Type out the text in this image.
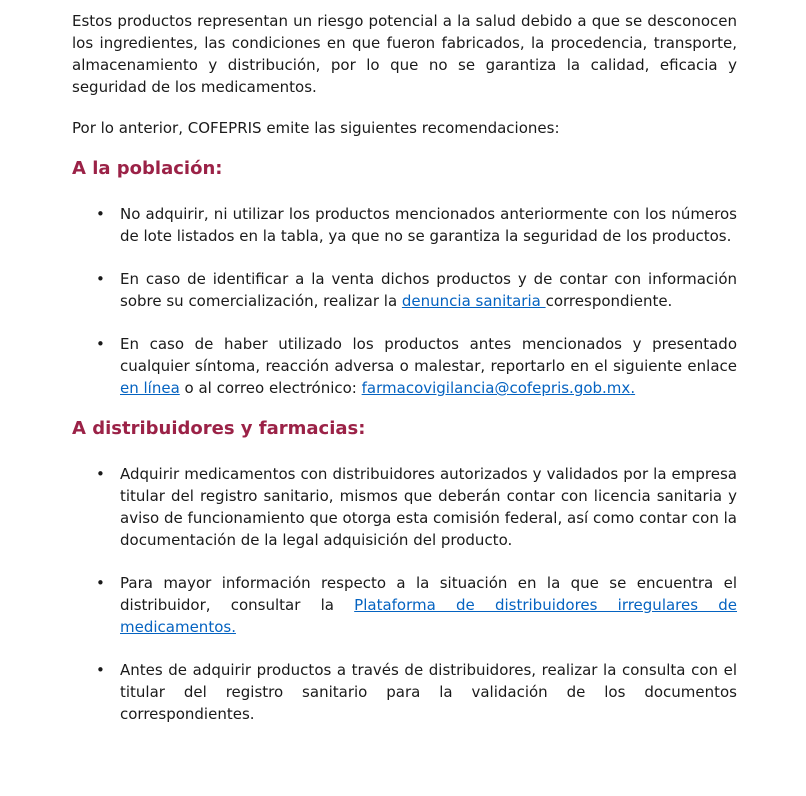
Estos productos representan un riesgo potencial a la salud debido a que se desconocen los ingredientes, las condiciones en que fueron fabricados, la procedencia, transporte, almacenamiento y distribución, por lo que no se garantiza la calidad, eficacia y seguridad de los medicamentos.

Por lo anterior, COFEPRIS emite las siguientes recomendaciones:

A la población:
• No adquirir, ni utilizar los productos mencionados anteriormente con los números de lote listados en la tabla, ya que no se garantiza la seguridad de los productos.
• En caso de identificar a la venta dichos productos y de contar con información sobre su comercialización, realizar la denuncia sanitaria correspondiente.
• En caso de haber utilizado los productos antes mencionados y presentado cualquier síntoma, reacción adversa o malestar, reportarlo en el siguiente enlace en línea o al correo electrónico: farmacovigilancia@cofepris.gob.mx.
A distribuidores y farmacias:
• Adquirir medicamentos con distribuidores autorizados y validados por la empresa titular del registro sanitario, mismos que deberán contar con licencia sanitaria y aviso de funcionamiento que otorga esta comisión federal, así como contar con la documentación de la legal adquisición del producto.
• Para mayor información respecto a la situación en la que se encuentra el distribuidor, consultar la Plataforma de distribuidores irregulares de medicamentos.
• Antes de adquirir productos a través de distribuidores, realizar la consulta con el titular del registro sanitario para la validación de los documentos correspondientes.
